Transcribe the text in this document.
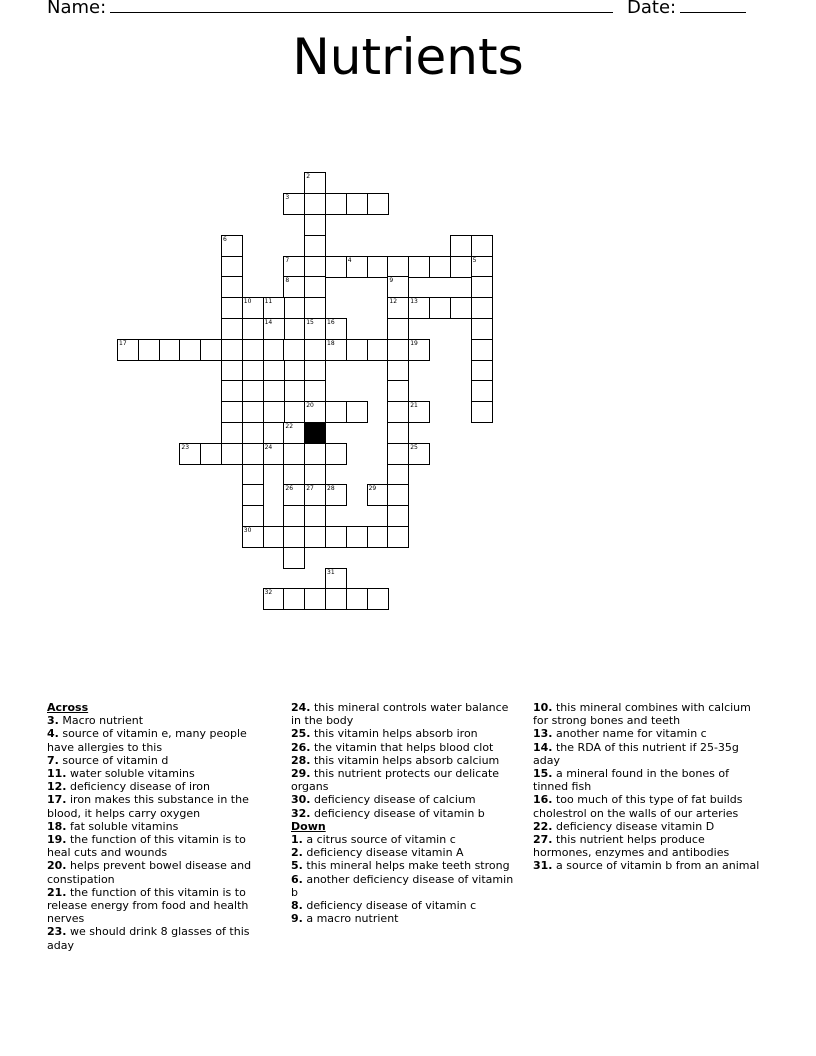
Name:	Date:
Nutrients
2
3
4
7	5
6
8	9
10 11	12 13
14	15 16
17	18	19
20	21
22
23	24	25
26 27 28	29
30
31
32
Across
3. Macro nutrient
4. source of vitamin e, many people have allergies to this
7. source of vitamin d
11. water soluble vitamins
12. deficiency disease of iron
17. iron makes this substance in the blood, it helps carry oxygen
18. fat soluble vitamins
19. the function of this vitamin is to heal cuts and wounds
20. helps prevent bowel disease and constipation
21. the function of this vitamin is to release energy from food and health nerves
23. we should drink 8 glasses of this aday
24. this mineral controls water balance in the body
25. this vitamin helps absorb iron
26. the vitamin that helps blood clot
28. this vitamin helps absorb calcium
29. this nutrient protects our delicate organs
30. deficiency disease of calcium
32. deficiency disease of vitamin b
Down
1. a citrus source of vitamin c
2. deficiency disease vitamin A
5. this mineral helps make teeth strong
6. another deficiency disease of vitamin b
8. deficiency disease of vitamin c
9. a macro nutrient
10. this mineral combines with calcium for strong bones and teeth
13. another name for vitamin c
14. the RDA of this nutrient if 25-35g aday
15. a mineral found in the bones of tinned fish
16. too much of this type of fat builds cholestrol on the walls of our arteries
22. deficiency disease vitamin D
27. this nutrient helps produce hormones, enzymes and antibodies
31. a source of vitamin b from an animal
